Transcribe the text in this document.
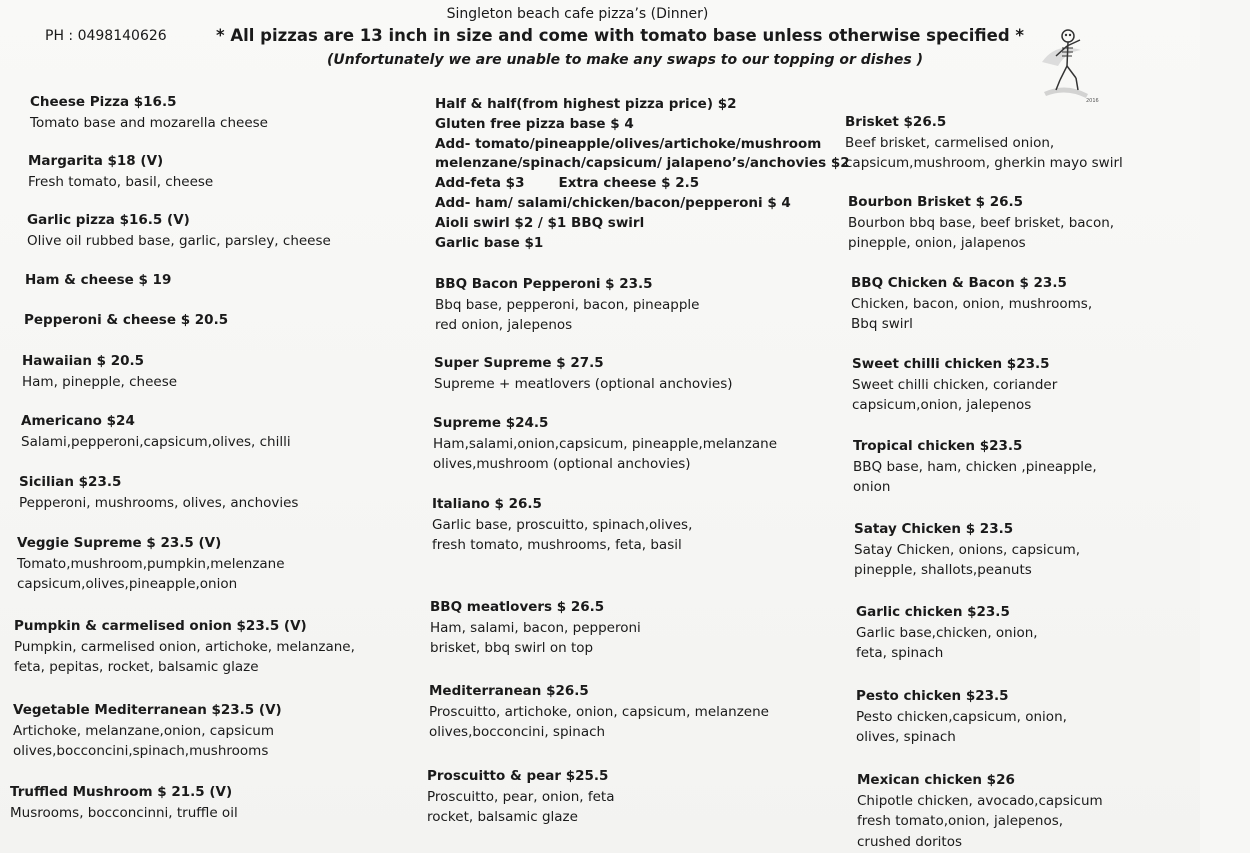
Singleton beach cafe pizza’s (Dinner)
PH : 0498140626	* All pizzas are 13 inch in size and come with tomato base unless otherwise specified *
(Unfortunately we are unable to make any swaps to our topping or dishes )
2016
Half & half(from highest pizza price) $2
Gluten free pizza base $ 4
Add- tomato/pineapple/olives/artichoke/mushroom
melenzane/spinach/capsicum/ jalapeno’s/anchovies $2
Add-feta $3	Extra cheese $ 2.5
Add- ham/ salami/chicken/bacon/pepperoni $ 4
Aioli swirl $2 / $1 BBQ swirl
Garlic base $1
Cheese Pizza $16.5
Tomato base and mozarella cheese
Margarita $18 (V)
Fresh tomato, basil, cheese
Garlic pizza $16.5 (V)
Olive oil rubbed base, garlic, parsley, cheese
Ham & cheese $ 19
Pepperoni & cheese $ 20.5
Hawaiian $ 20.5
Ham, pinepple, cheese
Americano $24
Salami,pepperoni,capsicum,olives, chilli
Sicilian $23.5
Pepperoni, mushrooms, olives, anchovies
Veggie Supreme $ 23.5 (V)
Tomato,mushroom,pumpkin,melenzane
capsicum,olives,pineapple,onion
Pumpkin & carmelised onion $23.5 (V)
Pumpkin, carmelised onion, artichoke, melanzane,
feta, pepitas, rocket, balsamic glaze
Vegetable Mediterranean $23.5 (V)
Artichoke, melanzane,onion, capsicum
olives,bocconcini,spinach,mushrooms
Truffled Mushroom $ 21.5 (V)
Musrooms, bocconcinni, truffle oil
BBQ Bacon Pepperoni $ 23.5
Bbq base, pepperoni, bacon, pineapple
red onion, jalepenos
Super Supreme $ 27.5
Supreme + meatlovers (optional anchovies)
Supreme $24.5
Ham,salami,onion,capsicum, pineapple,melanzane
olives,mushroom (optional anchovies)
Italiano $ 26.5
Garlic base, proscuitto, spinach,olives,
fresh tomato, mushrooms, feta, basil
BBQ meatlovers $ 26.5
Ham, salami, bacon, pepperoni
brisket, bbq swirl on top
Mediterranean $26.5
Proscuitto, artichoke, onion, capsicum, melanzene
olives,bocconcini, spinach
Proscuitto & pear $25.5
Proscuitto, pear, onion, feta
rocket, balsamic glaze
Brisket $26.5
Beef brisket, carmelised onion,
capsicum,mushroom, gherkin mayo swirl
Bourbon Brisket $ 26.5
Bourbon bbq base, beef brisket, bacon,
pinepple, onion, jalapenos
BBQ Chicken & Bacon $ 23.5
Chicken, bacon, onion, mushrooms,
Bbq swirl
Sweet chilli chicken $23.5
Sweet chilli chicken, coriander
capsicum,onion, jalepenos
Tropical chicken $23.5
BBQ base, ham, chicken ,pineapple,
onion
Satay Chicken $ 23.5
Satay Chicken, onions, capsicum,
pinepple, shallots,peanuts
Garlic chicken $23.5
Garlic base,chicken, onion,
feta, spinach
Pesto chicken $23.5
Pesto chicken,capsicum, onion,
olives, spinach
Mexican chicken $26
Chipotle chicken, avocado,capsicum
fresh tomato,onion, jalepenos,
crushed doritos
